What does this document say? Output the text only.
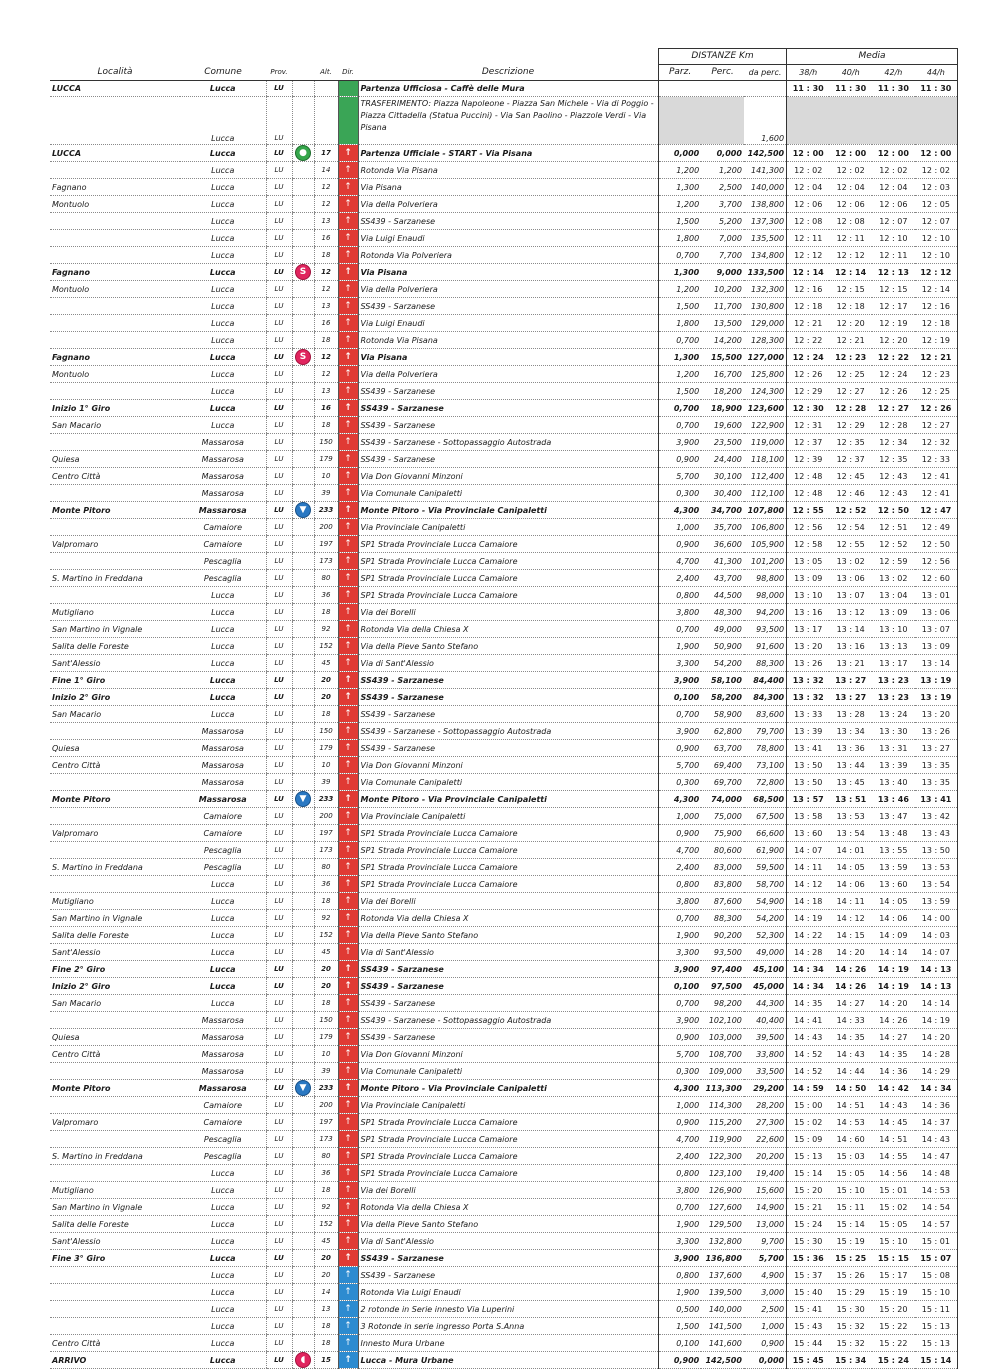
							DISTANZE Km			Media			
Località	Comune	Prov.		Alt.	Dir.	Descrizione	Parz.	Perc.	da perc.	38/h	40/h	42/h	44/h
LUCCA	Lucca	LU				Partenza Ufficiosa - Caffè delle Mura				11 : 30	11 : 30	11 : 30	11 : 30
	Lucca	LU				TRASFERIMENTO: Piazza Napoleone - Piazza San Michele - Via di Poggio - Piazza Cittadella (Statua Puccini) - Via San Paolino - Piazzole Verdi - Via Pisana			1,600				
LUCCA	Lucca	LU	●	17	↑	Partenza Ufficiale - START - Via Pisana	0,000	0,000	142,500	12 : 00	12 : 00	12 : 00	12 : 00
	Lucca	LU		14	↑	Rotonda Via Pisana	1,200	1,200	141,300	12 : 02	12 : 02	12 : 02	12 : 02
Fagnano	Lucca	LU		12	↑	Via Pisana	1,300	2,500	140,000	12 : 04	12 : 04	12 : 04	12 : 03
Montuolo	Lucca	LU		12	↑	Via della Polveriera	1,200	3,700	138,800	12 : 06	12 : 06	12 : 06	12 : 05
	Lucca	LU		13	↑	SS439 - Sarzanese	1,500	5,200	137,300	12 : 08	12 : 08	12 : 07	12 : 07
	Lucca	LU		16	↑	Via Luigi Enaudi	1,800	7,000	135,500	12 : 11	12 : 11	12 : 10	12 : 10
	Lucca	LU		18	↑	Rotonda Via Polveriera	0,700	7,700	134,800	12 : 12	12 : 12	12 : 11	12 : 10
Fagnano	Lucca	LU	S	12	↑	Via Pisana	1,300	9,000	133,500	12 : 14	12 : 14	12 : 13	12 : 12
Montuolo	Lucca	LU		12	↑	Via della Polveriera	1,200	10,200	132,300	12 : 16	12 : 15	12 : 15	12 : 14
	Lucca	LU		13	↑	SS439 - Sarzanese	1,500	11,700	130,800	12 : 18	12 : 18	12 : 17	12 : 16
	Lucca	LU		16	↑	Via Luigi Enaudi	1,800	13,500	129,000	12 : 21	12 : 20	12 : 19	12 : 18
	Lucca	LU		18	↑	Rotonda Via Pisana	0,700	14,200	128,300	12 : 22	12 : 21	12 : 20	12 : 19
Fagnano	Lucca	LU	S	12	↑	Via Pisana	1,300	15,500	127,000	12 : 24	12 : 23	12 : 22	12 : 21
Montuolo	Lucca	LU		12	↑	Via della Polveriera	1,200	16,700	125,800	12 : 26	12 : 25	12 : 24	12 : 23
	Lucca	LU		13	↑	SS439 - Sarzanese	1,500	18,200	124,300	12 : 29	12 : 27	12 : 26	12 : 25
Inizio 1° Giro	Lucca	LU		16	↑	SS439 - Sarzanese	0,700	18,900	123,600	12 : 30	12 : 28	12 : 27	12 : 26
San Macario	Lucca	LU		18	↑	SS439 - Sarzanese	0,700	19,600	122,900	12 : 31	12 : 29	12 : 28	12 : 27
	Massarosa	LU		150	↑	SS439 - Sarzanese - Sottopassaggio Autostrada	3,900	23,500	119,000	12 : 37	12 : 35	12 : 34	12 : 32
Quiesa	Massarosa	LU		179	↑	SS439 - Sarzanese	0,900	24,400	118,100	12 : 39	12 : 37	12 : 35	12 : 33
Centro Città	Massarosa	LU		10	↑	Via Don Giovanni Minzoni	5,700	30,100	112,400	12 : 48	12 : 45	12 : 43	12 : 41
	Massarosa	LU		39	↑	Via Comunale Canipaletti	0,300	30,400	112,100	12 : 48	12 : 46	12 : 43	12 : 41
Monte Pitoro	Massarosa	LU	▼	233	↑	Monte Pitoro - Via Provinciale Canipaletti	4,300	34,700	107,800	12 : 55	12 : 52	12 : 50	12 : 47
	Camaiore	LU		200	↑	Via Provinciale Canipaletti	1,000	35,700	106,800	12 : 56	12 : 54	12 : 51	12 : 49
Valpromaro	Camaiore	LU		197	↑	SP1 Strada Provinciale Lucca Camaiore	0,900	36,600	105,900	12 : 58	12 : 55	12 : 52	12 : 50
	Pescaglia	LU		173	↑	SP1 Strada Provinciale Lucca Camaiore	4,700	41,300	101,200	13 : 05	13 : 02	12 : 59	12 : 56
S. Martino in Freddana	Pescaglia	LU		80	↑	SP1 Strada Provinciale Lucca Camaiore	2,400	43,700	98,800	13 : 09	13 : 06	13 : 02	12 : 60
	Lucca	LU		36	↑	SP1 Strada Provinciale Lucca Camaiore	0,800	44,500	98,000	13 : 10	13 : 07	13 : 04	13 : 01
Mutigliano	Lucca	LU		18	↑	Via dei Borelli	3,800	48,300	94,200	13 : 16	13 : 12	13 : 09	13 : 06
San Martino in Vignale	Lucca	LU		92	↑	Rotonda Via della Chiesa X	0,700	49,000	93,500	13 : 17	13 : 14	13 : 10	13 : 07
Salita delle Foreste	Lucca	LU		152	↑	Via della Pieve Santo Stefano	1,900	50,900	91,600	13 : 20	13 : 16	13 : 13	13 : 09
Sant'Alessio	Lucca	LU		45	↑	Via di Sant'Alessio	3,300	54,200	88,300	13 : 26	13 : 21	13 : 17	13 : 14
Fine 1° Giro	Lucca	LU		20	↑	SS439 - Sarzanese	3,900	58,100	84,400	13 : 32	13 : 27	13 : 23	13 : 19
Inizio 2° Giro	Lucca	LU		20	↑	SS439 - Sarzanese	0,100	58,200	84,300	13 : 32	13 : 27	13 : 23	13 : 19
San Macario	Lucca	LU		18	↑	SS439 - Sarzanese	0,700	58,900	83,600	13 : 33	13 : 28	13 : 24	13 : 20
	Massarosa	LU		150	↑	SS439 - Sarzanese - Sottopassaggio Autostrada	3,900	62,800	79,700	13 : 39	13 : 34	13 : 30	13 : 26
Quiesa	Massarosa	LU		179	↑	SS439 - Sarzanese	0,900	63,700	78,800	13 : 41	13 : 36	13 : 31	13 : 27
Centro Città	Massarosa	LU		10	↑	Via Don Giovanni Minzoni	5,700	69,400	73,100	13 : 50	13 : 44	13 : 39	13 : 35
	Massarosa	LU		39	↑	Via Comunale Canipaletti	0,300	69,700	72,800	13 : 50	13 : 45	13 : 40	13 : 35
Monte Pitoro	Massarosa	LU	▼	233	↑	Monte Pitoro - Via Provinciale Canipaletti	4,300	74,000	68,500	13 : 57	13 : 51	13 : 46	13 : 41
	Camaiore	LU		200	↑	Via Provinciale Canipaletti	1,000	75,000	67,500	13 : 58	13 : 53	13 : 47	13 : 42
Valpromaro	Camaiore	LU		197	↑	SP1 Strada Provinciale Lucca Camaiore	0,900	75,900	66,600	13 : 60	13 : 54	13 : 48	13 : 43
	Pescaglia	LU		173	↑	SP1 Strada Provinciale Lucca Camaiore	4,700	80,600	61,900	14 : 07	14 : 01	13 : 55	13 : 50
S. Martino in Freddana	Pescaglia	LU		80	↑	SP1 Strada Provinciale Lucca Camaiore	2,400	83,000	59,500	14 : 11	14 : 05	13 : 59	13 : 53
	Lucca	LU		36	↑	SP1 Strada Provinciale Lucca Camaiore	0,800	83,800	58,700	14 : 12	14 : 06	13 : 60	13 : 54
Mutigliano	Lucca	LU		18	↑	Via dei Borelli	3,800	87,600	54,900	14 : 18	14 : 11	14 : 05	13 : 59
San Martino in Vignale	Lucca	LU		92	↑	Rotonda Via della Chiesa X	0,700	88,300	54,200	14 : 19	14 : 12	14 : 06	14 : 00
Salita delle Foreste	Lucca	LU		152	↑	Via della Pieve Santo Stefano	1,900	90,200	52,300	14 : 22	14 : 15	14 : 09	14 : 03
Sant'Alessio	Lucca	LU		45	↑	Via di Sant'Alessio	3,300	93,500	49,000	14 : 28	14 : 20	14 : 14	14 : 07
Fine 2° Giro	Lucca	LU		20	↑	SS439 - Sarzanese	3,900	97,400	45,100	14 : 34	14 : 26	14 : 19	14 : 13
Inizio 2° Giro	Lucca	LU		20	↑	SS439 - Sarzanese	0,100	97,500	45,000	14 : 34	14 : 26	14 : 19	14 : 13
San Macario	Lucca	LU		18	↑	SS439 - Sarzanese	0,700	98,200	44,300	14 : 35	14 : 27	14 : 20	14 : 14
	Massarosa	LU		150	↑	SS439 - Sarzanese - Sottopassaggio Autostrada	3,900	102,100	40,400	14 : 41	14 : 33	14 : 26	14 : 19
Quiesa	Massarosa	LU		179	↑	SS439 - Sarzanese	0,900	103,000	39,500	14 : 43	14 : 35	14 : 27	14 : 20
Centro Città	Massarosa	LU		10	↑	Via Don Giovanni Minzoni	5,700	108,700	33,800	14 : 52	14 : 43	14 : 35	14 : 28
	Massarosa	LU		39	↑	Via Comunale Canipaletti	0,300	109,000	33,500	14 : 52	14 : 44	14 : 36	14 : 29
Monte Pitoro	Massarosa	LU	▼	233	↑	Monte Pitoro - Via Provinciale Canipaletti	4,300	113,300	29,200	14 : 59	14 : 50	14 : 42	14 : 34
	Camaiore	LU		200	↑	Via Provinciale Canipaletti	1,000	114,300	28,200	15 : 00	14 : 51	14 : 43	14 : 36
Valpromaro	Camaiore	LU		197	↑	SP1 Strada Provinciale Lucca Camaiore	0,900	115,200	27,300	15 : 02	14 : 53	14 : 45	14 : 37
	Pescaglia	LU		173	↑	SP1 Strada Provinciale Lucca Camaiore	4,700	119,900	22,600	15 : 09	14 : 60	14 : 51	14 : 43
S. Martino in Freddana	Pescaglia	LU		80	↑	SP1 Strada Provinciale Lucca Camaiore	2,400	122,300	20,200	15 : 13	15 : 03	14 : 55	14 : 47
	Lucca	LU		36	↑	SP1 Strada Provinciale Lucca Camaiore	0,800	123,100	19,400	15 : 14	15 : 05	14 : 56	14 : 48
Mutigliano	Lucca	LU		18	↑	Via dei Borelli	3,800	126,900	15,600	15 : 20	15 : 10	15 : 01	14 : 53
San Martino in Vignale	Lucca	LU		92	↑	Rotonda Via della Chiesa X	0,700	127,600	14,900	15 : 21	15 : 11	15 : 02	14 : 54
Salita delle Foreste	Lucca	LU		152	↑	Via della Pieve Santo Stefano	1,900	129,500	13,000	15 : 24	15 : 14	15 : 05	14 : 57
Sant'Alessio	Lucca	LU		45	↑	Via di Sant'Alessio	3,300	132,800	9,700	15 : 30	15 : 19	15 : 10	15 : 01
Fine 3° Giro	Lucca	LU		20	↑	SS439 - Sarzanese	3,900	136,800	5,700	15 : 36	15 : 25	15 : 15	15 : 07
	Lucca	LU		20	↑	SS439 - Sarzanese	0,800	137,600	4,900	15 : 37	15 : 26	15 : 17	15 : 08
	Lucca	LU		14	↑	Rotonda Via Luigi Enaudi	1,900	139,500	3,000	15 : 40	15 : 29	15 : 19	15 : 10
	Lucca	LU		13	↑	2 rotonde in Serie innesto Via Luperini	0,500	140,000	2,500	15 : 41	15 : 30	15 : 20	15 : 11
	Lucca	LU		18	↑	3 Rotonde in serie ingresso Porta S.Anna	1,500	141,500	1,000	15 : 43	15 : 32	15 : 22	15 : 13
Centro Città	Lucca	LU		18	↑	Innesto Mura Urbane	0,100	141,600	0,900	15 : 44	15 : 32	15 : 22	15 : 13
ARRIVO	Lucca	LU	◖	15	↑	Lucca - Mura Urbane	0,900	142,500	0,000	15 : 45	15 : 34	15 : 24	15 : 14
